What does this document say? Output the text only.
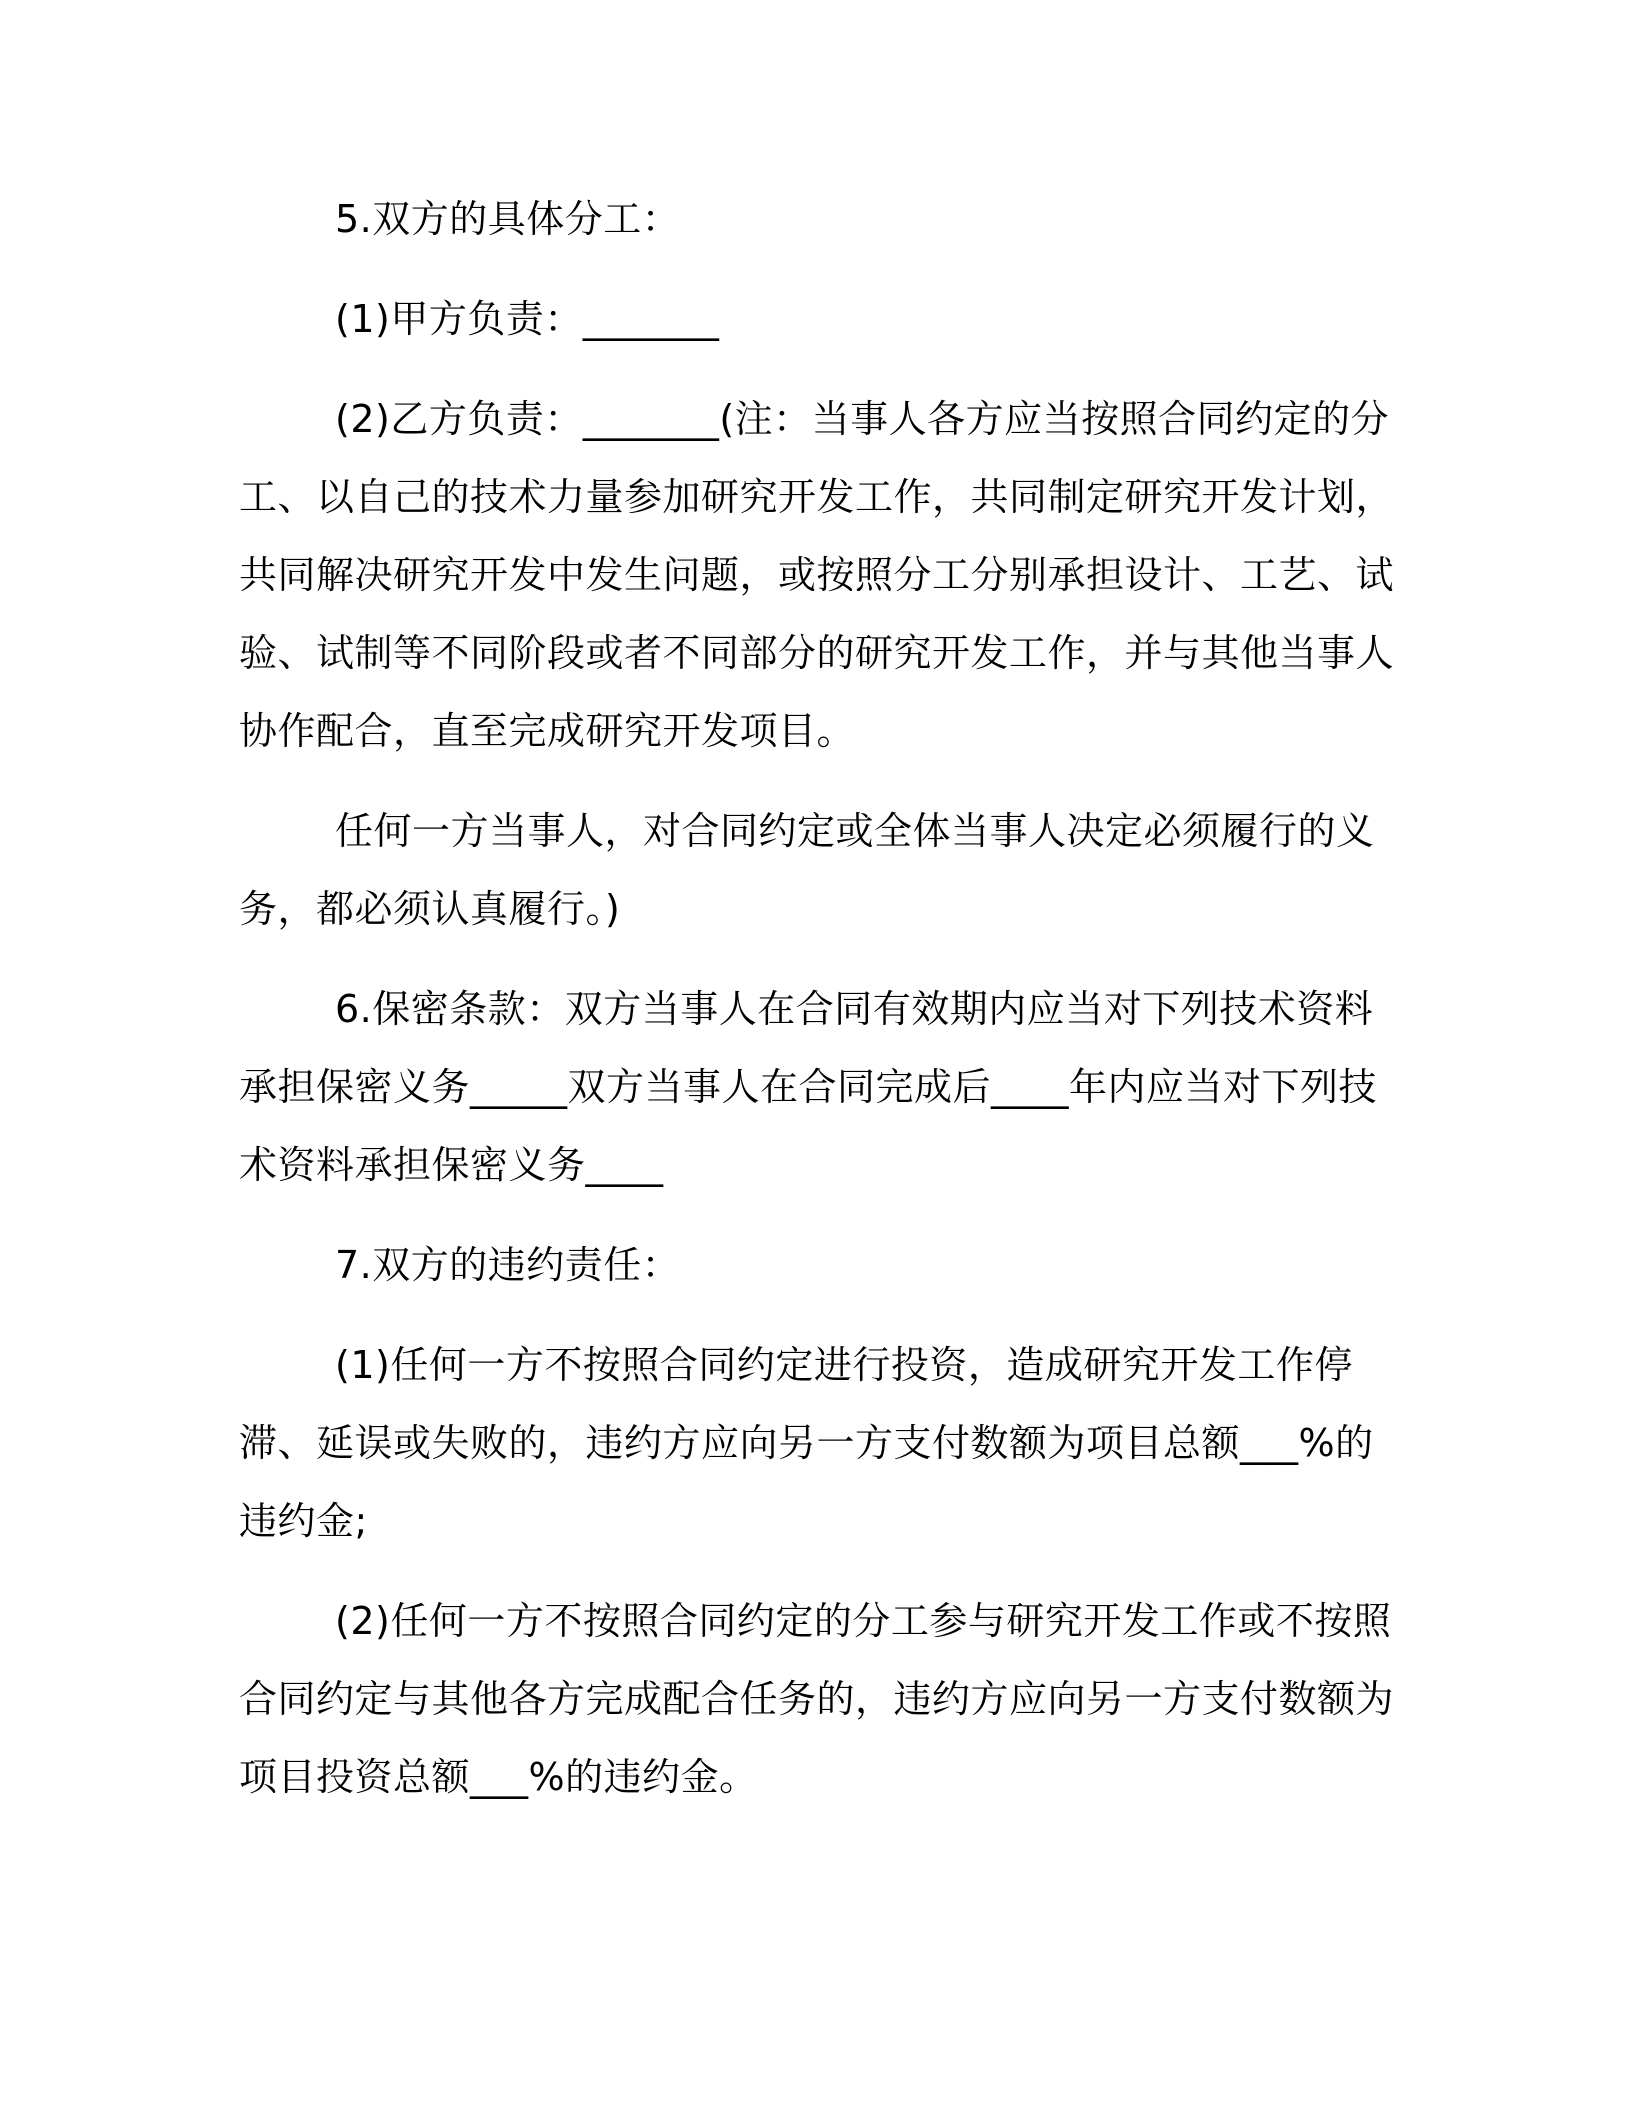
5.双方的具体分工：

(1)甲方负责：_______

(2)乙方负责：_______(注：当事人各方应当按照合同约定的分工、以自己的技术力量参加研究开发工作，共同制定研究开发计划，共同解决研究开发中发生问题，或按照分工分别承担设计、工艺、试验、试制等不同阶段或者不同部分的研究开发工作，并与其他当事人协作配合，直至完成研究开发项目。

任何一方当事人，对合同约定或全体当事人决定必须履行的义务，都必须认真履行。)

6.保密条款：双方当事人在合同有效期内应当对下列技术资料承担保密义务_____双方当事人在合同完成后____年内应当对下列技术资料承担保密义务____

7.双方的违约责任：

(1)任何一方不按照合同约定进行投资，造成研究开发工作停滞、延误或失败的，违约方应向另一方支付数额为项目总额___%的违约金;

(2)任何一方不按照合同约定的分工参与研究开发工作或不按照合同约定与其他各方完成配合任务的，违约方应向另一方支付数额为项目投资总额___%的违约金。
